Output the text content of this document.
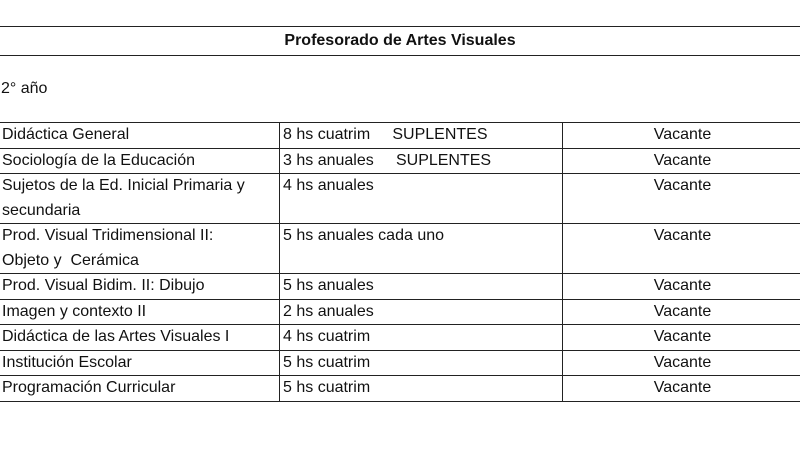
Profesorado de Artes Visuales
2° año
Didáctica General	8 hs cuatrim     SUPLENTES	Vacante
Sociología de la Educación	3 hs anuales     SUPLENTES	Vacante
Sujetos de la Ed. Inicial Primaria y
secundaria	4 hs anuales	Vacante
Prod. Visual Tridimensional II:
Objeto y  Cerámica	5 hs anuales cada uno	Vacante
Prod. Visual Bidim. II: Dibujo	5 hs anuales	Vacante
Imagen y contexto II	2 hs anuales	Vacante
Didáctica de las Artes Visuales I	4 hs cuatrim	Vacante
Institución Escolar	5 hs cuatrim	Vacante
Programación Curricular	5 hs cuatrim	Vacante
